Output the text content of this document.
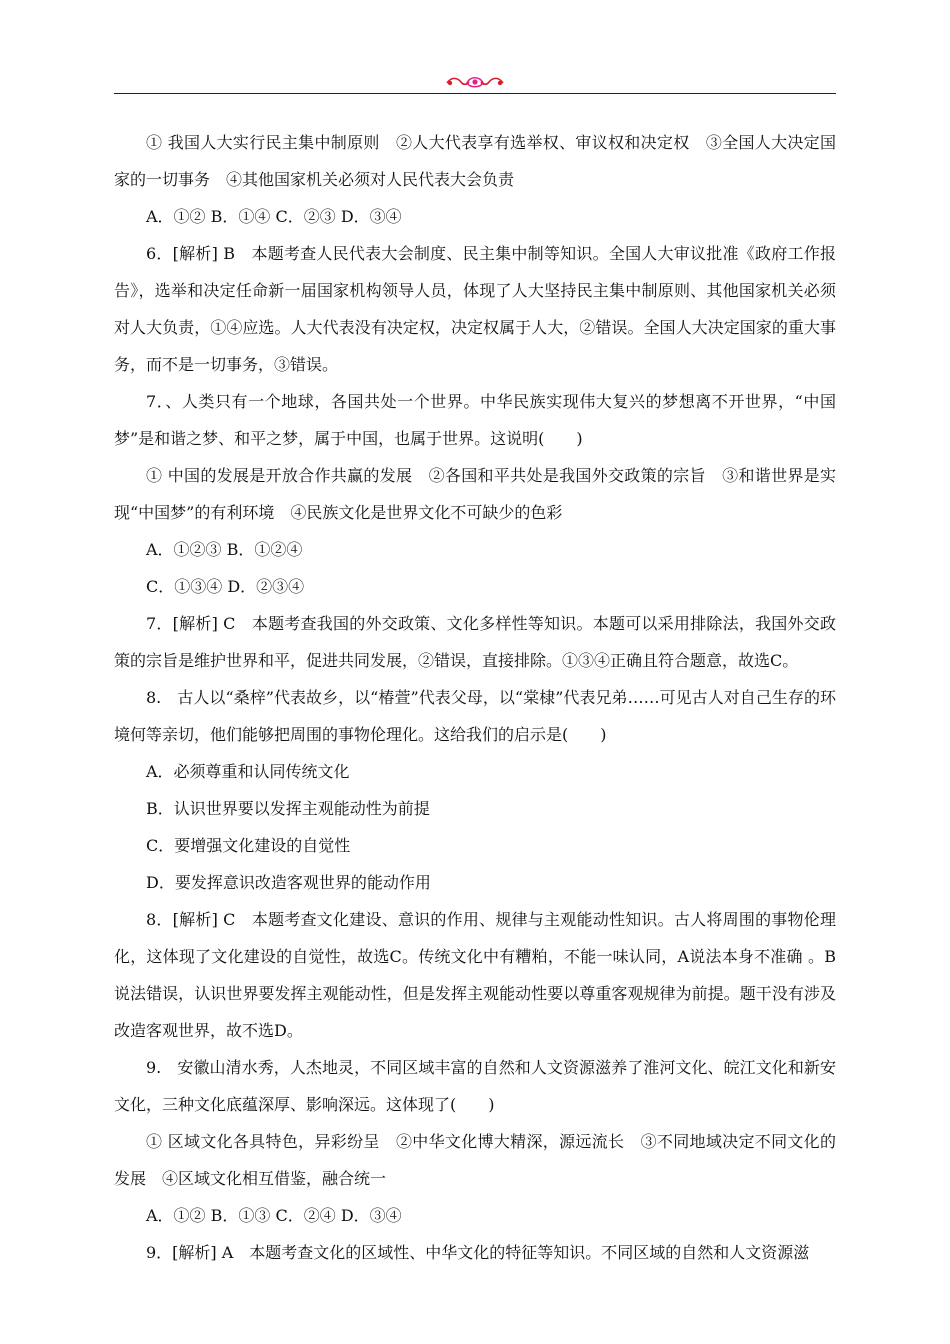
① 我国人大实行民主集中制原则　②人大代表享有选举权、审议权和决定权　③全国人大决定国家的一切事务　④其他国家机关必须对人民代表大会负责

A．①② B．①④ C．②③ D．③④

6．[解析] B　本题考查人民代表大会制度、民主集中制等知识。全国人大审议批准《政府工作报告》，选举和决定任命新一届国家机构领导人员，体现了人大坚持民主集中制原则、其他国家机关必须对人大负责，①④应选。人大代表没有决定权，决定权属于人大，②错误。全国人大决定国家的重大事务，而不是一切事务，③错误。

7．、人类只有一个地球，各国共处一个世界。中华民族实现伟大复兴的梦想离不开世界，“中国梦”是和谐之梦、和平之梦，属于中国，也属于世界。这说明(　　)

① 中国的发展是开放合作共赢的发展　②各国和平共处是我国外交政策的宗旨　③和谐世界是实现“中国梦”的有利环境　④民族文化是世界文化不可缺少的色彩

A．①②③ B．①②④

C．①③④ D．②③④

7．[解析] C　本题考查我国的外交政策、文化多样性等知识。本题可以采用排除法，我国外交政策的宗旨是维护世界和平，促进共同发展，②错误，直接排除。①③④正确且符合题意，故选C。

8.　古人以“桑梓”代表故乡，以“椿萱”代表父母，以“棠棣”代表兄弟……可见古人对自己生存的环境何等亲切，他们能够把周围的事物伦理化。这给我们的启示是(　　)

A．必须尊重和认同传统文化

B．认识世界要以发挥主观能动性为前提

C．要增强文化建设的自觉性

D．要发挥意识改造客观世界的能动作用

8．[解析] C　本题考查文化建设、意识的作用、规律与主观能动性知识。古人将周围的事物伦理化，这体现了文化建设的自觉性，故选C。传统文化中有糟粕，不能一味认同，A说法本身不准确 。B说法错误，认识世界要发挥主观能动性，但是发挥主观能动性要以尊重客观规律为前提。题干没有涉及改造客观世界，故不选D。

9.　安徽山清水秀，人杰地灵，不同区域丰富的自然和人文资源滋养了淮河文化、皖江文化和新安文化，三种文化底蕴深厚、影响深远。这体现了(　　)

① 区域文化各具特色，异彩纷呈　②中华文化博大精深，源远流长　③不同地域决定不同文化的发展　④区域文化相互借鉴，融合统一

A．①② B．①③ C．②④ D．③④

9．[解析] A　本题考查文化的区域性、中华文化的特征等知识。不同区域的自然和人文资源滋
